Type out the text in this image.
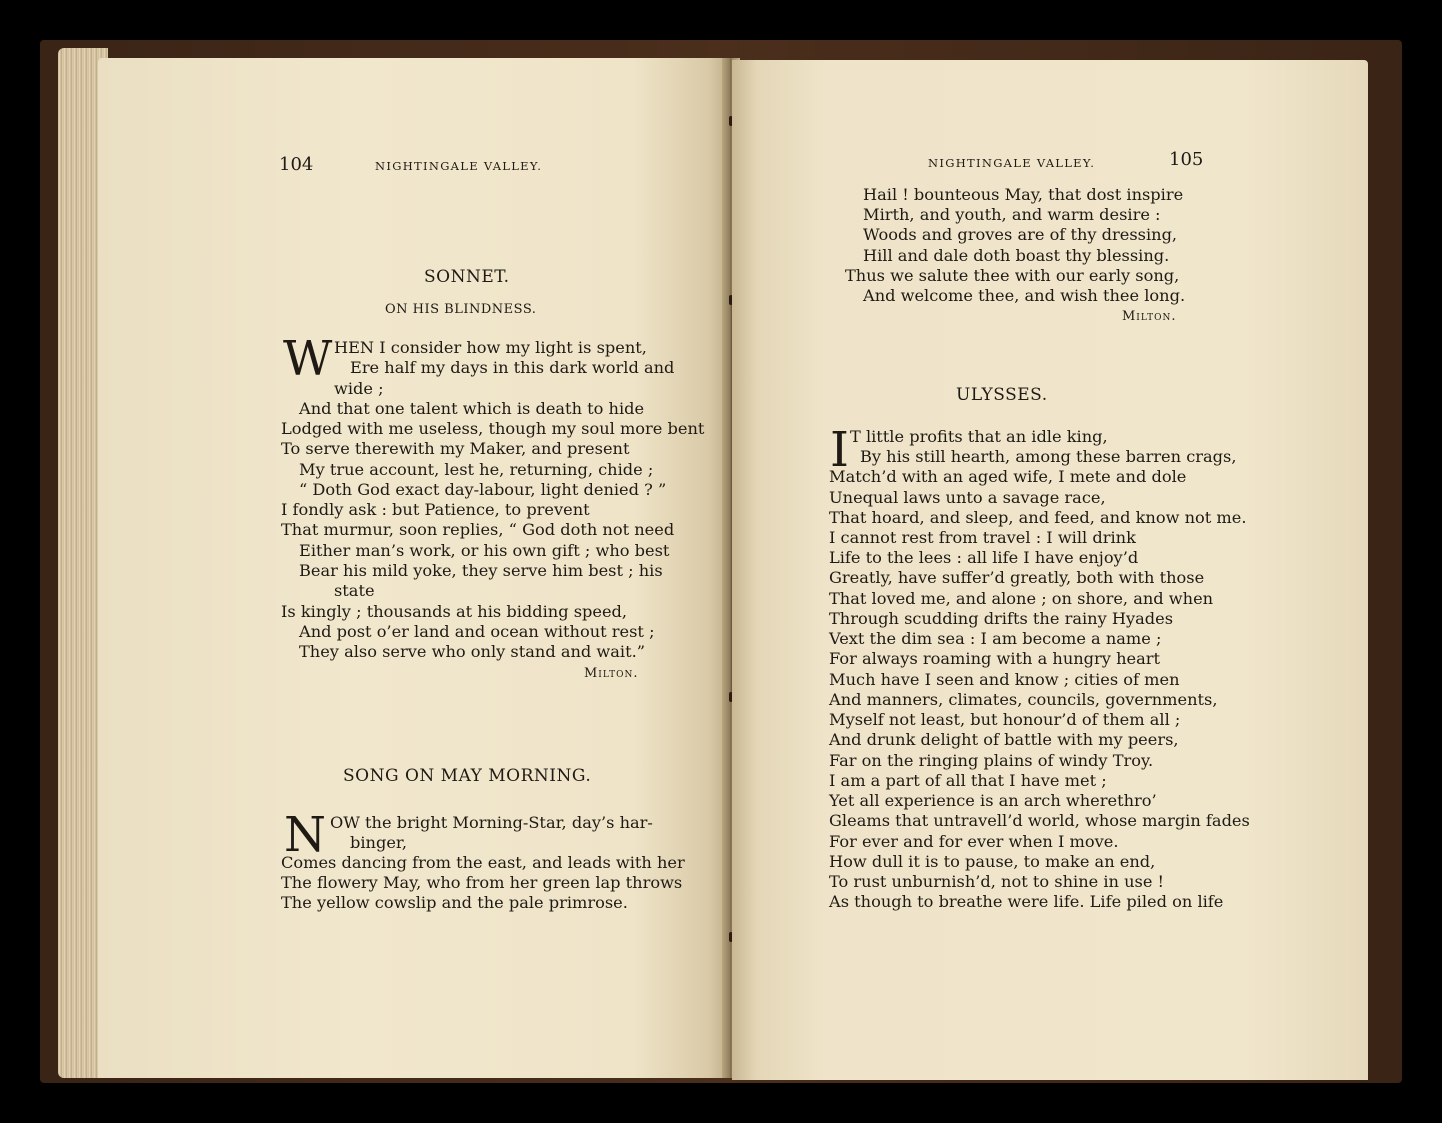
104	NIGHTINGALE VALLEY.
SONNET.
ON HIS BLINDNESS.
W HEN I consider how my light is spent,
Ere half my days in this dark world and
wide ;
And that one talent which is death to hide
Lodged with me useless, though my soul more bent
To serve therewith my Maker, and present
My true account, lest he, returning, chide ;
“ Doth God exact day-labour, light denied ? ”
I fondly ask : but Patience, to prevent
That murmur, soon replies, “ God doth not need
Either man’s work, or his own gift ; who best
Bear his mild yoke, they serve him best ; his
state
Is kingly ; thousands at his bidding speed,
And post o’er land and ocean without rest ;
They also serve who only stand and wait.”
Milton.
SONG ON MAY MORNING.
N OW the bright Morning-Star, day’s har-
binger,
Comes dancing from the east, and leads with her
The flowery May, who from her green lap throws
The yellow cowslip and the pale primrose.
NIGHTINGALE VALLEY.	105
Hail ! bounteous May, that dost inspire
Mirth, and youth, and warm desire :
Woods and groves are of thy dressing,
Hill and dale doth boast thy blessing.
Thus we salute thee with our early song,
And welcome thee, and wish thee long.
Milton.
ULYSSES.
I T little profits that an idle king,
By his still hearth, among these barren crags,
Match’d with an aged wife, I mete and dole
Unequal laws unto a savage race,
That hoard, and sleep, and feed, and know not me.
I cannot rest from travel : I will drink
Life to the lees : all life I have enjoy’d
Greatly, have suffer’d greatly, both with those
That loved me, and alone ; on shore, and when
Through scudding drifts the rainy Hyades
Vext the dim sea : I am become a name ;
For always roaming with a hungry heart
Much have I seen and know ; cities of men
And manners, climates, councils, governments,
Myself not least, but honour’d of them all ;
And drunk delight of battle with my peers,
Far on the ringing plains of windy Troy.
I am a part of all that I have met ;
Yet all experience is an arch wherethro’
Gleams that untravell’d world, whose margin fades
For ever and for ever when I move.
How dull it is to pause, to make an end,
To rust unburnish’d, not to shine in use !
As though to breathe were life. Life piled on life
